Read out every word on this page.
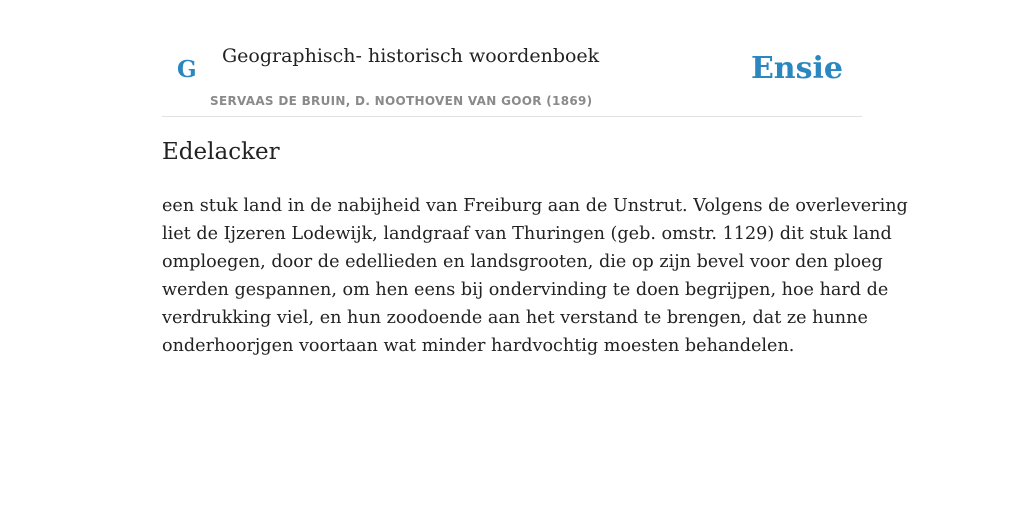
G Geographisch- historisch woordenboek
SERVAAS DE BRUIN, D. NOOTHOVEN VAN GOOR (1869)
Ensie
Edelacker
een stuk land in de nabijheid van Freiburg aan de Unstrut. Volgens de overlevering
liet de Ijzeren Lodewijk, landgraaf van Thuringen (geb. omstr. 1129) dit stuk land
omploegen, door de edellieden en landsgrooten, die op zijn bevel voor den ploeg
werden gespannen, om hen eens bij ondervinding te doen begrijpen, hoe hard de
verdrukking viel, en hun zoodoende aan het verstand te brengen, dat ze hunne
onderhoorjgen voortaan wat minder hardvochtig moesten behandelen.
